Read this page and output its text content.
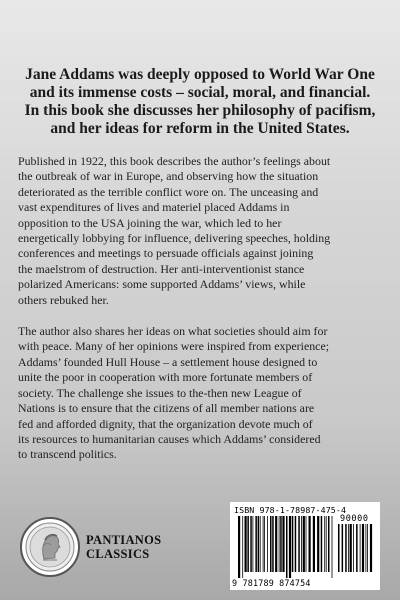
Jane Addams was deeply opposed to World War One
and its immense costs – social, moral, and financial.
In this book she discusses her philosophy of pacifism,
and her ideas for reform in the United States.
Published in 1922, this book describes the author’s feelings about
the outbreak of war in Europe, and observing how the situation
deteriorated as the terrible conflict wore on. The unceasing and
vast expenditures of lives and materiel placed Addams in
opposition to the USA joining the war, which led to her
energetically lobbying for influence, delivering speeches, holding
conferences and meetings to persuade officials against joining
the maelstrom of destruction. Her anti-interventionist stance
polarized Americans: some supported Addams’ views, while
others rebuked her.
The author also shares her ideas on what societies should aim for
with peace. Many of her opinions were inspired from experience;
Addams’ founded Hull House – a settlement house designed to
unite the poor in cooperation with more fortunate members of
society. The challenge she issues to the-then new League of
Nations is to ensure that the citizens of all member nations are
fed and afforded dignity, that the organization devote much of
its resources to humanitarian causes which Addams’ considered
to transcend politics.
PANTIANOS
CLASSICS
ISBN 978-1-78987-475-4
90000
9 781789 874754
